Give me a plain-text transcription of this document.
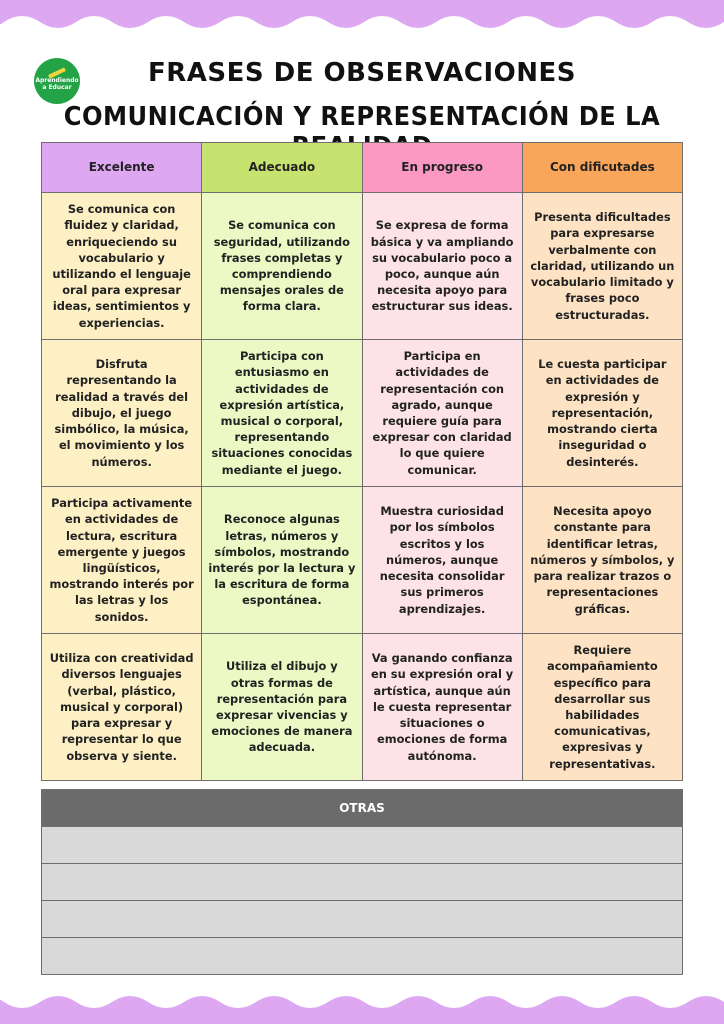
Aprendiendo
a Educar	FRASES DE OBSERVACIONES
COMUNICACIÓN Y REPRESENTACIÓN DE LA
Excelente	Adecuado	En progreso	Con dificutades
Se comunica con fluidez y claridad, enriqueciendo su vocabulario y utilizando el lenguaje oral para expresar ideas, sentimientos y experiencias.	Se comunica con seguridad, utilizando frases completas y comprendiendo mensajes orales de forma clara.	Se expresa de forma básica y va ampliando su vocabulario poco a poco, aunque aún necesita apoyo para estructurar sus ideas.	Presenta dificultades para expresarse verbalmente con claridad, utilizando un vocabulario limitado y frases poco estructuradas.
Disfruta representando la realidad a través del dibujo, el juego simbólico, la música, el movimiento y los números.	Participa con entusiasmo en actividades de expresión artística, musical o corporal, representando situaciones conocidas mediante el juego.	Participa en actividades de representación con agrado, aunque requiere guía para expresar con claridad lo que quiere comunicar.	Le cuesta participar en actividades de expresión y representación, mostrando cierta inseguridad o desinterés.
Participa activamente en actividades de lectura, escritura emergente y juegos lingüísticos, mostrando interés por las letras y los sonidos.	Reconoce algunas letras, números y símbolos, mostrando interés por la lectura y la escritura de forma espontánea.	Muestra curiosidad por los símbolos escritos y los números, aunque necesita consolidar sus primeros aprendizajes.	Necesita apoyo constante para identificar letras, números y símbolos, y para realizar trazos o representaciones gráficas.
Utiliza con creatividad diversos lenguajes (verbal, plástico, musical y corporal) para expresar y representar lo que observa y siente.	Utiliza el dibujo y otras formas de representación para expresar vivencias y emociones de manera adecuada.	Va ganando confianza en su expresión oral y artística, aunque aún le cuesta representar situaciones o emociones de forma autónoma.	Requiere acompañamiento específico para desarrollar sus habilidades comunicativas, expresivas y representativas.
OTRAS
